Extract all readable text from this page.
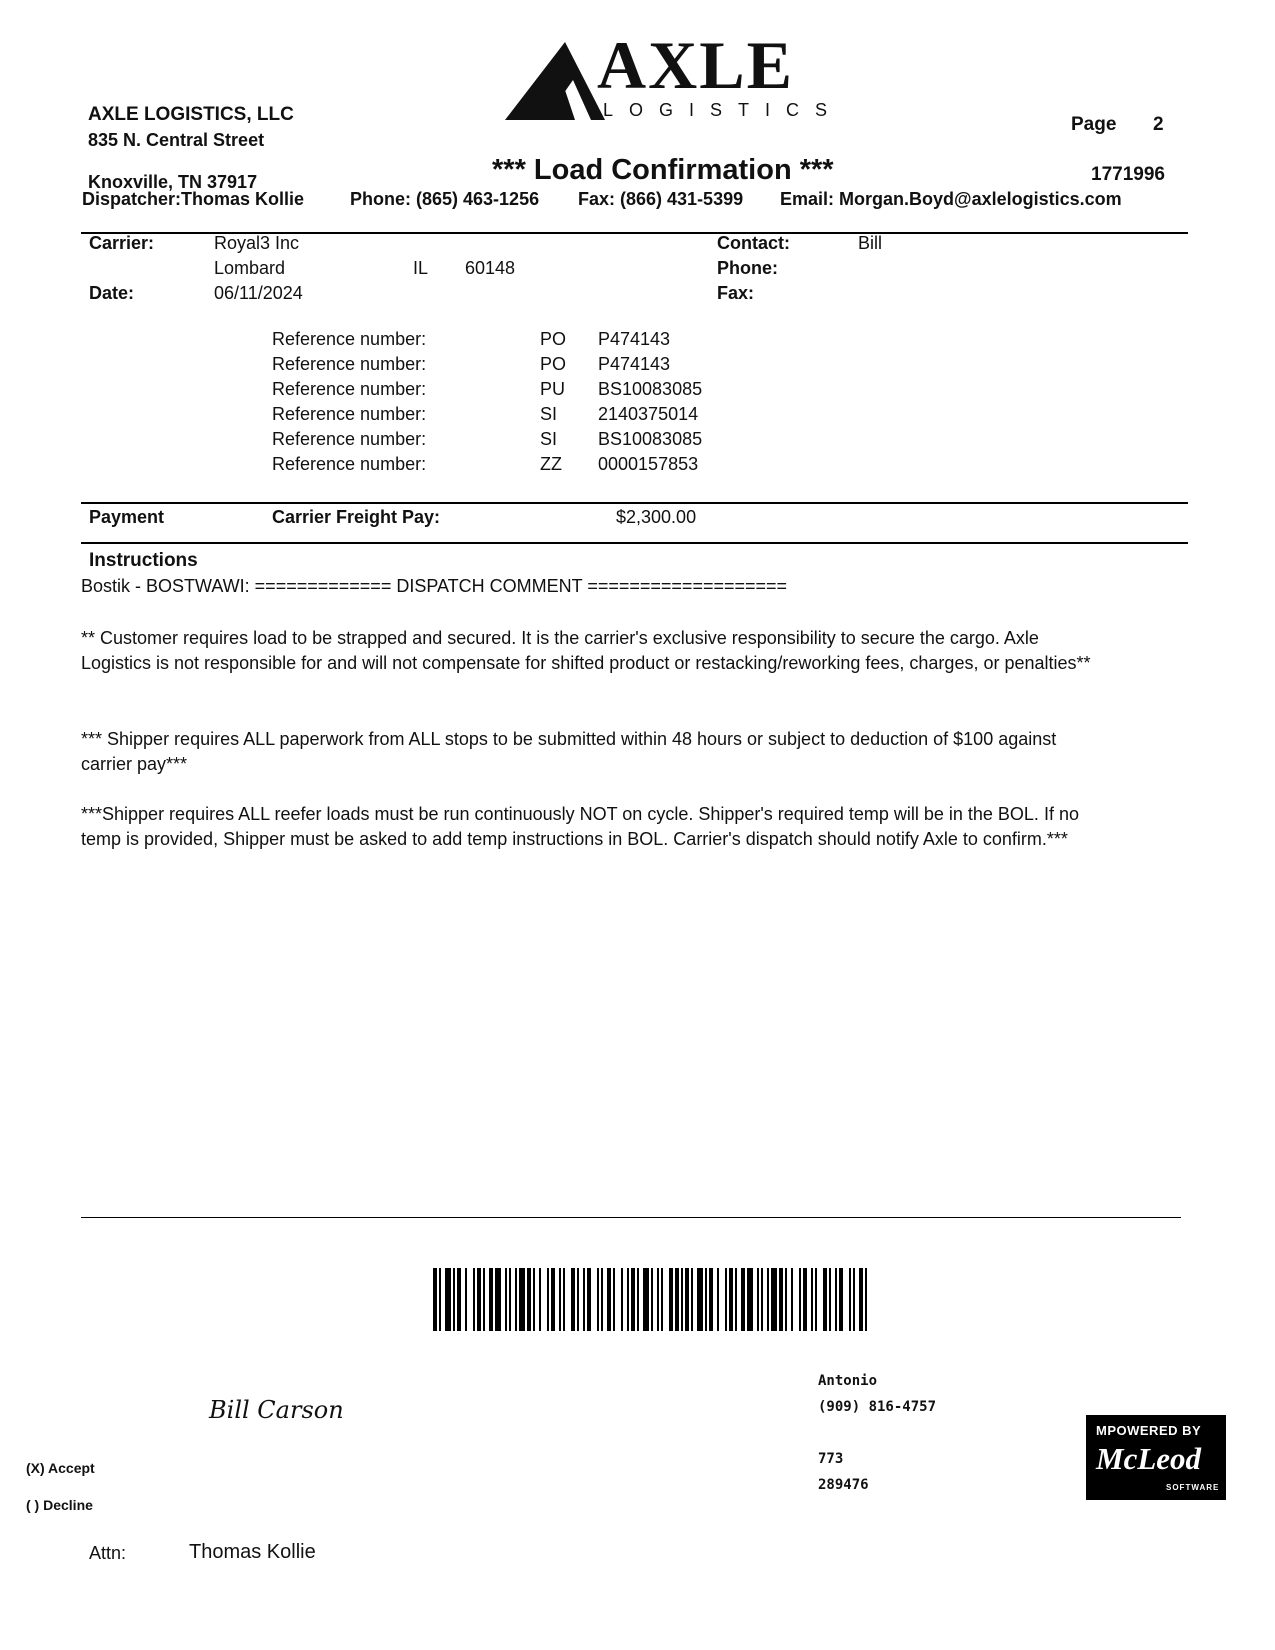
AXLE
LOGISTICS
AXLE LOGISTICS, LLC
835 N. Central Street
Knoxville, TN 37917
Page 2
*** Load Confirmation ***	1771996
Dispatcher:Thomas Kollie	Phone: (865) 463-1256 Fax: (866) 431-5399 Email: Morgan.Boyd@axlelogistics.com
Carrier:	Royal3 Inc
Lombard	IL 60148
Date:	06/11/2024
Contact:	Bill
Phone:
Fax:
Reference number:	PO P474143
Reference number:	PO P474143
Reference number:	PU BS10083085
Reference number:	SI 2140375014
Reference number:	SI BS10083085
Reference number:	ZZ 0000157853
Payment	Carrier Freight Pay:	$2,300.00
Instructions
Bostik - BOSTWAWI: ============= DISPATCH COMMENT ===================
** Customer requires load to be strapped and secured. It is the carrier's exclusive responsibility to secure the cargo. Axle Logistics is not responsible for and will not compensate for shifted product or restacking/reworking fees, charges, or penalties**
*** Shipper requires ALL paperwork from ALL stops to be submitted within 48 hours or subject to deduction of $100 against carrier pay***
***Shipper requires ALL reefer loads must be run continuously NOT on cycle. Shipper's required temp will be in the BOL. If no temp is provided, Shipper must be asked to add temp instructions in BOL. Carrier's dispatch should notify Axle to confirm.***
Bill Carson
Antonio
(909) 816-4757
773
289476
(X) Accept
( ) Decline
Attn:	Thomas Kollie
MPOWERED BY
McLeod
SOFTWARE
